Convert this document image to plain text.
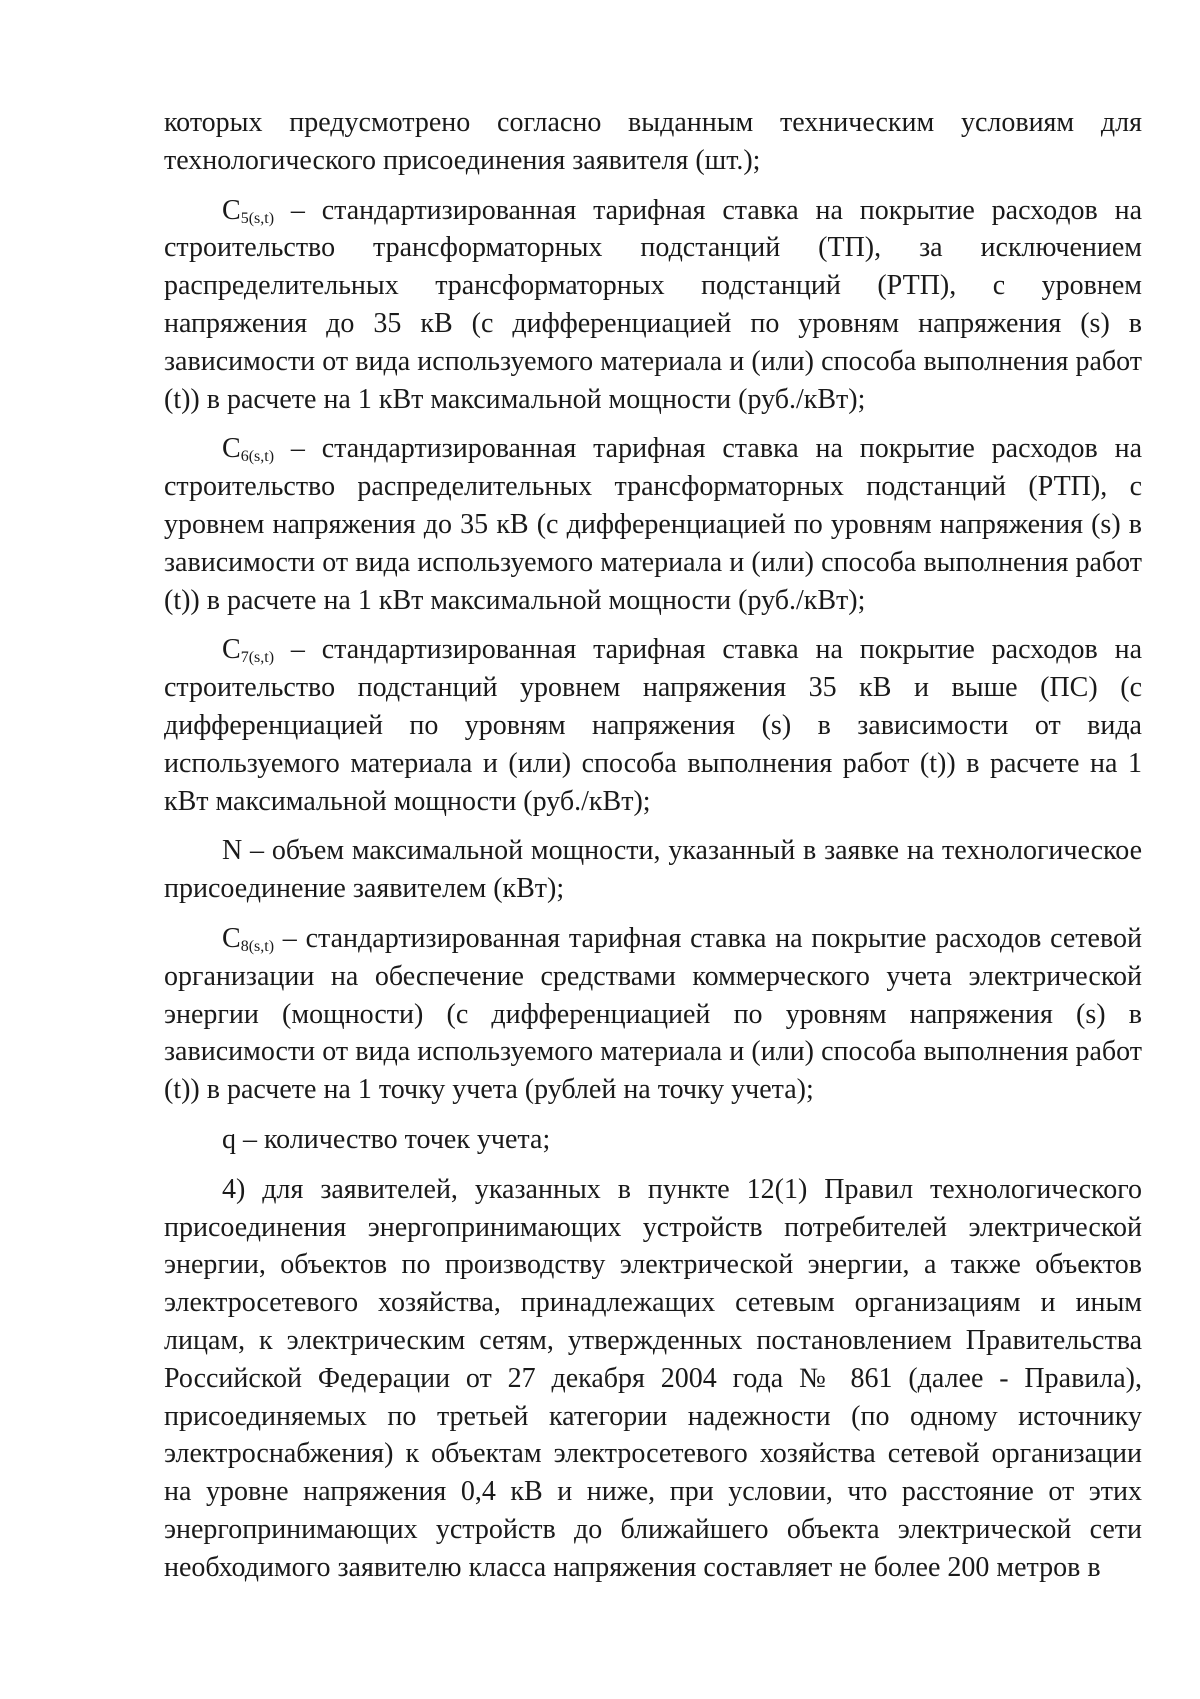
которых предусмотрено согласно выданным техническим условиям для технологического присоединения заявителя (шт.);

$C_{5(s,t)}$ – стандартизированная тарифная ставка на покрытие расходов на строительство трансформаторных подстанций (ТП), за исключением распределительных трансформаторных подстанций (РТП), с уровнем напряжения до 35 кВ (с дифференциацией по уровням напряжения (s) в зависимости от вида используемого материала и (или) способа выполнения работ (t)) в расчете на 1 кВт максимальной мощности (руб./кВт);

$C_{6(s,t)}$ – стандартизированная тарифная ставка на покрытие расходов на строительство распределительных трансформаторных подстанций (РТП), с уровнем напряжения до 35 кВ (с дифференциацией по уровням напряжения (s) в зависимости от вида используемого материала и (или) способа выполнения работ (t)) в расчете на 1 кВт максимальной мощности (руб./кВт);

$C_{7(s,t)}$ – стандартизированная тарифная ставка на покрытие расходов на строительство подстанций уровнем напряжения 35 кВ и выше (ПС) (с дифференциацией по уровням напряжения (s) в зависимости от вида используемого материала и (или) способа выполнения работ (t)) в расчете на 1 кВт максимальной мощности (руб./кВт);

N – объем максимальной мощности, указанный в заявке на технологическое присоединение заявителем (кВт);

$C_{8(s,t)}$ – стандартизированная тарифная ставка на покрытие расходов сетевой организации на обеспечение средствами коммерческого учета электрической энергии (мощности) (с дифференциацией по уровням напряжения (s) в зависимости от вида используемого материала и (или) способа выполнения работ (t)) в расчете на 1 точку учета (рублей на точку учета);

q – количество точек учета;

4) для заявителей, указанных в пункте 12(1) Правил технологического присоединения энергопринимающих устройств потребителей электрической энергии, объектов по производству электрической энергии, а также объектов электросетевого хозяйства, принадлежащих сетевым организациям и иным лицам, к электрическим сетям, утвержденных постановлением Правительства Российской Федерации от 27 декабря 2004 года № 861 (далее - Правила), присоединяемых по третьей категории надежности (по одному источнику электроснабжения) к объектам электросетевого хозяйства сетевой организации на уровне напряжения 0,4 кВ и ниже, при условии, что расстояние от этих энергопринимающих устройств до ближайшего объекта электрической сети необходимого заявителю класса напряжения составляет не более 200 метров в
